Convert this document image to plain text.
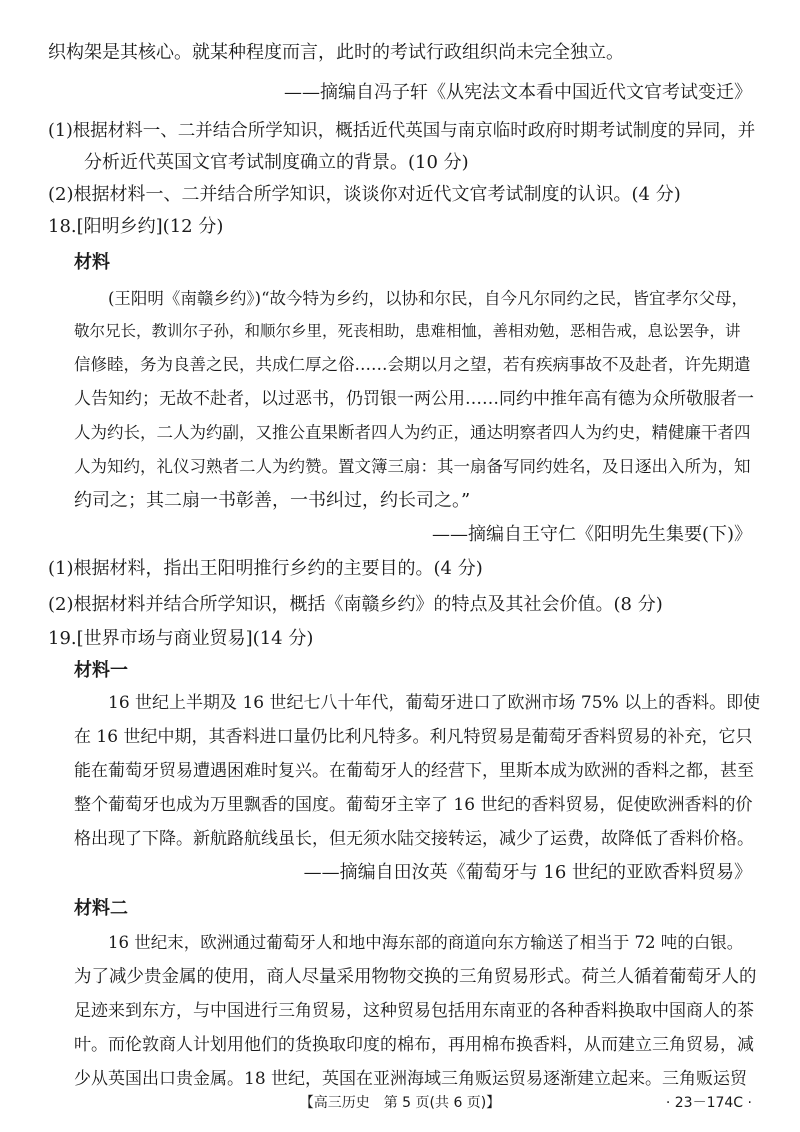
织构架是其核心。就某种程度而言，此时的考试行政组织尚未完全独立。
——摘编自冯子轩《从宪法文本看中国近代文官考试变迁》
(1)根据材料一、二并结合所学知识，概括近代英国与南京临时政府时期考试制度的异同，并
分析近代英国文官考试制度确立的背景。(10 分)
(2)根据材料一、二并结合所学知识，谈谈你对近代文官考试制度的认识。(4 分)
18.[阳明乡约](12 分)
材料
(王阳明《南赣乡约》)“故今特为乡约，以协和尔民，自今凡尔同约之民，皆宜孝尔父母，
敬尔兄长，教训尔子孙，和顺尔乡里，死丧相助，患难相恤，善相劝勉，恶相告戒，息讼罢争，讲
信修睦，务为良善之民，共成仁厚之俗……会期以月之望，若有疾病事故不及赴者，许先期遣
人告知约；无故不赴者，以过恶书，仍罚银一两公用……同约中推年高有德为众所敬服者一
人为约长，二人为约副，又推公直果断者四人为约正，通达明察者四人为约史，精健廉干者四
人为知约，礼仪习熟者二人为约赞。置文簿三扇：其一扇备写同约姓名，及日逐出入所为，知
约司之；其二扇一书彰善，一书纠过，约长司之。”
——摘编自王守仁《阳明先生集要(下)》
(1)根据材料，指出王阳明推行乡约的主要目的。(4 分)
(2)根据材料并结合所学知识，概括《南赣乡约》的特点及其社会价值。(8 分)
19.[世界市场与商业贸易](14 分)
材料一
16 世纪上半期及 16 世纪七八十年代，葡萄牙进口了欧洲市场 75% 以上的香料。即使
在 16 世纪中期，其香料进口量仍比利凡特多。利凡特贸易是葡萄牙香料贸易的补充，它只
能在葡萄牙贸易遭遇困难时复兴。在葡萄牙人的经营下，里斯本成为欧洲的香料之都，甚至
整个葡萄牙也成为万里飘香的国度。葡萄牙主宰了 16 世纪的香料贸易，促使欧洲香料的价
格出现了下降。新航路航线虽长，但无须水陆交接转运，减少了运费，故降低了香料价格。
——摘编自田汝英《葡萄牙与 16 世纪的亚欧香料贸易》
材料二
16 世纪末，欧洲通过葡萄牙人和地中海东部的商道向东方输送了相当于 72 吨的白银。
为了减少贵金属的使用，商人尽量采用物物交换的三角贸易形式。荷兰人循着葡萄牙人的
足迹来到东方，与中国进行三角贸易，这种贸易包括用东南亚的各种香料换取中国商人的茶
叶。而伦敦商人计划用他们的货换取印度的棉布，再用棉布换香料，从而建立三角贸易，减
少从英国出口贵金属。18 世纪，英国在亚洲海域三角贩运贸易逐渐建立起来。三角贩运贸
【高三历史　第 5 页(共 6 页)】	· 23－174C ·
